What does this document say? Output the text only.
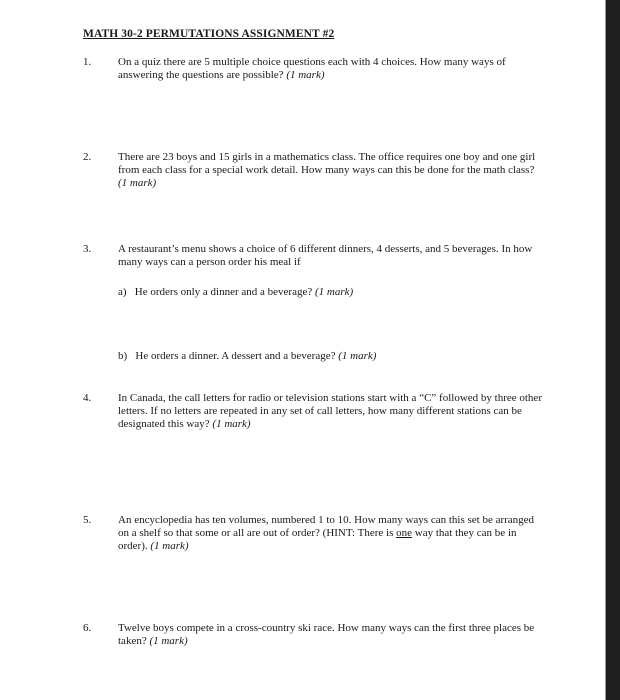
MATH 30-2 PERMUTATIONS ASSIGNMENT #2
1. On a quiz there are 5 multiple choice questions each with 4 choices. How many ways of answering the questions are possible? (1 mark)
2. There are 23 boys and 15 girls in a mathematics class. The office requires one boy and one girl from each class for a special work detail. How many ways can this be done for the math class? (1 mark)
3. A restaurant’s menu shows a choice of 6 different dinners, 4 desserts, and 5 beverages. In how many ways can a person order his meal if
a) He orders only a dinner and a beverage? (1 mark)
b) He orders a dinner. A dessert and a beverage? (1 mark)
4. In Canada, the call letters for radio or television stations start with a “C” followed by three other letters. If no letters are repeated in any set of call letters, how many different stations can be designated this way? (1 mark)
5. An encyclopedia has ten volumes, numbered 1 to 10. How many ways can this set be arranged on a shelf so that some or all are out of order? (HINT: There is one way that they can be in order). (1 mark)
6. Twelve boys compete in a cross-country ski race. How many ways can the first three places be taken? (1 mark)
